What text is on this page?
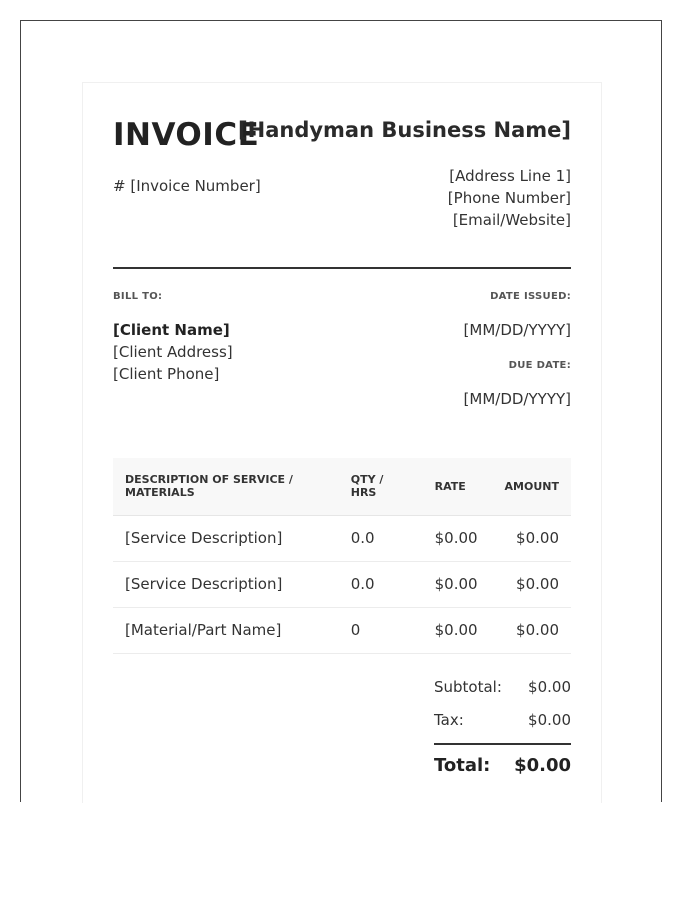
INVOICE
[Handyman Business Name]
# [Invoice Number]
[Address Line 1]
[Phone Number]
[Email/Website]
BILL TO:
[Client Name]
[Client Address]
[Client Phone]
DATE ISSUED:
[MM/DD/YYYY]
DUE DATE:
[MM/DD/YYYY]
DESCRIPTION OF SERVICE / MATERIALS	QTY / HRS	RATE	AMOUNT
[Service Description]	0.0	$0.00	$0.00
[Service Description]	0.0	$0.00	$0.00
[Material/Part Name]	0	$0.00	$0.00
Subtotal: $0.00
Tax:	$0.00
Total: $0.00
